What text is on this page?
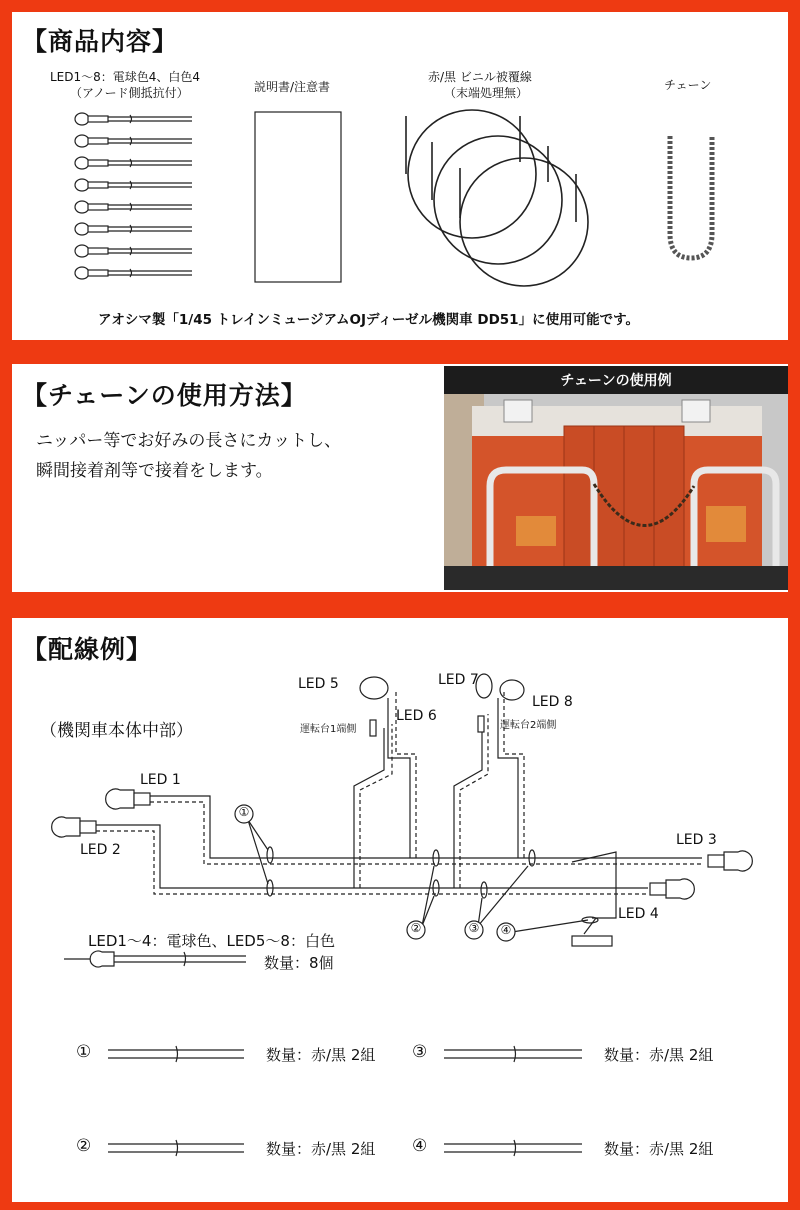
【商品内容】
LED1～8：電球色4、白色4
（アノード側抵抗付）	説明書/注意書
赤/黒 ビニル被覆線
（末端処理無）
チェーン
アオシマ製「1/45 トレインミュージアムOJディーゼル機関車 DD51」に使用可能です。
【チェーンの使用方法】
ニッパー等でお好みの長さにカットし、
瞬間接着剤等で接着をします。
チェーンの使用例
【配線例】
（機関車本体中部）
LED 5
LED 6
LED 7
LED 8
運転台1端側	運転台2端側
LED 1
LED 2
LED 3
LED 4
①
②	③ ④
LED1～4：電球色、LED5～8：白色
数量：8個
①	数量：赤/黒 2組 ③	数量：赤/黒 2組
②	数量：赤/黒 2組 ④	数量：赤/黒 2組
